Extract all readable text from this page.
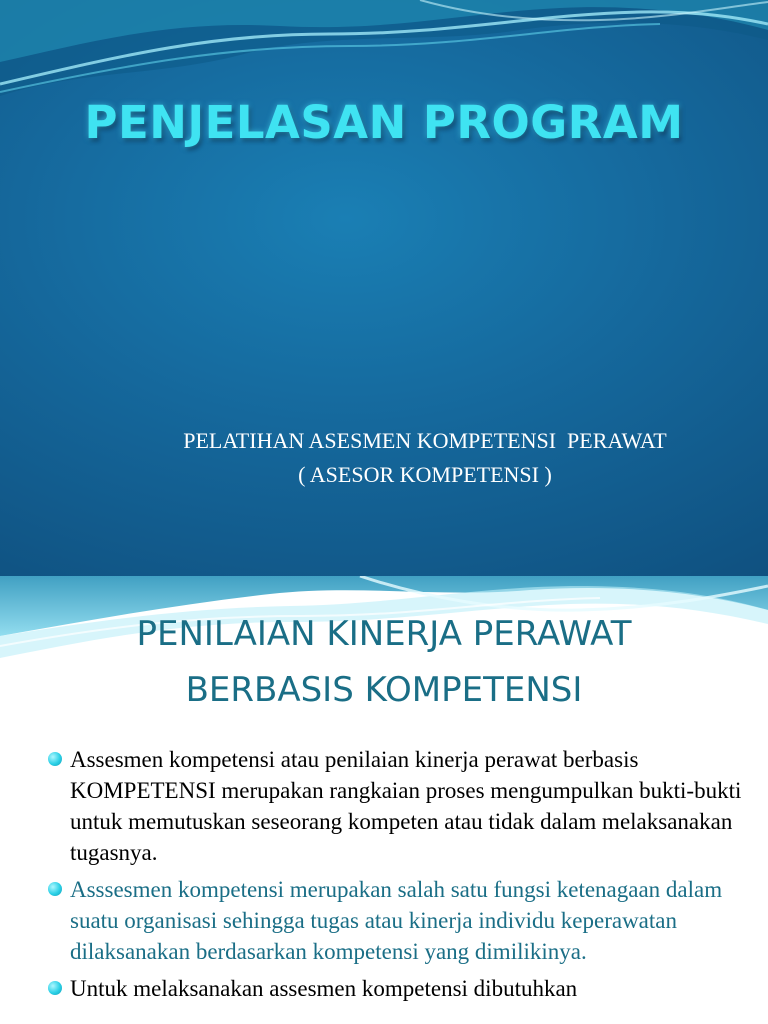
PENJELASAN PROGRAM
PELATIHAN ASESMEN KOMPETENSI  PERAWAT
( ASESOR KOMPETENSI )
PENILAIAN KINERJA PERAWAT
BERBASIS KOMPETENSI
Assesmen kompetensi atau penilaian kinerja perawat berbasis KOMPETENSI merupakan rangkaian proses mengumpulkan bukti-bukti untuk memutuskan seseorang kompeten atau tidak dalam melaksanakan tugasnya.
Asssesmen kompetensi merupakan salah satu fungsi ketenagaan dalam suatu organisasi sehingga tugas atau kinerja individu keperawatan dilaksanakan berdasarkan kompetensi yang dimilikinya.
Untuk melaksanakan assesmen kompetensi dibutuhkan
